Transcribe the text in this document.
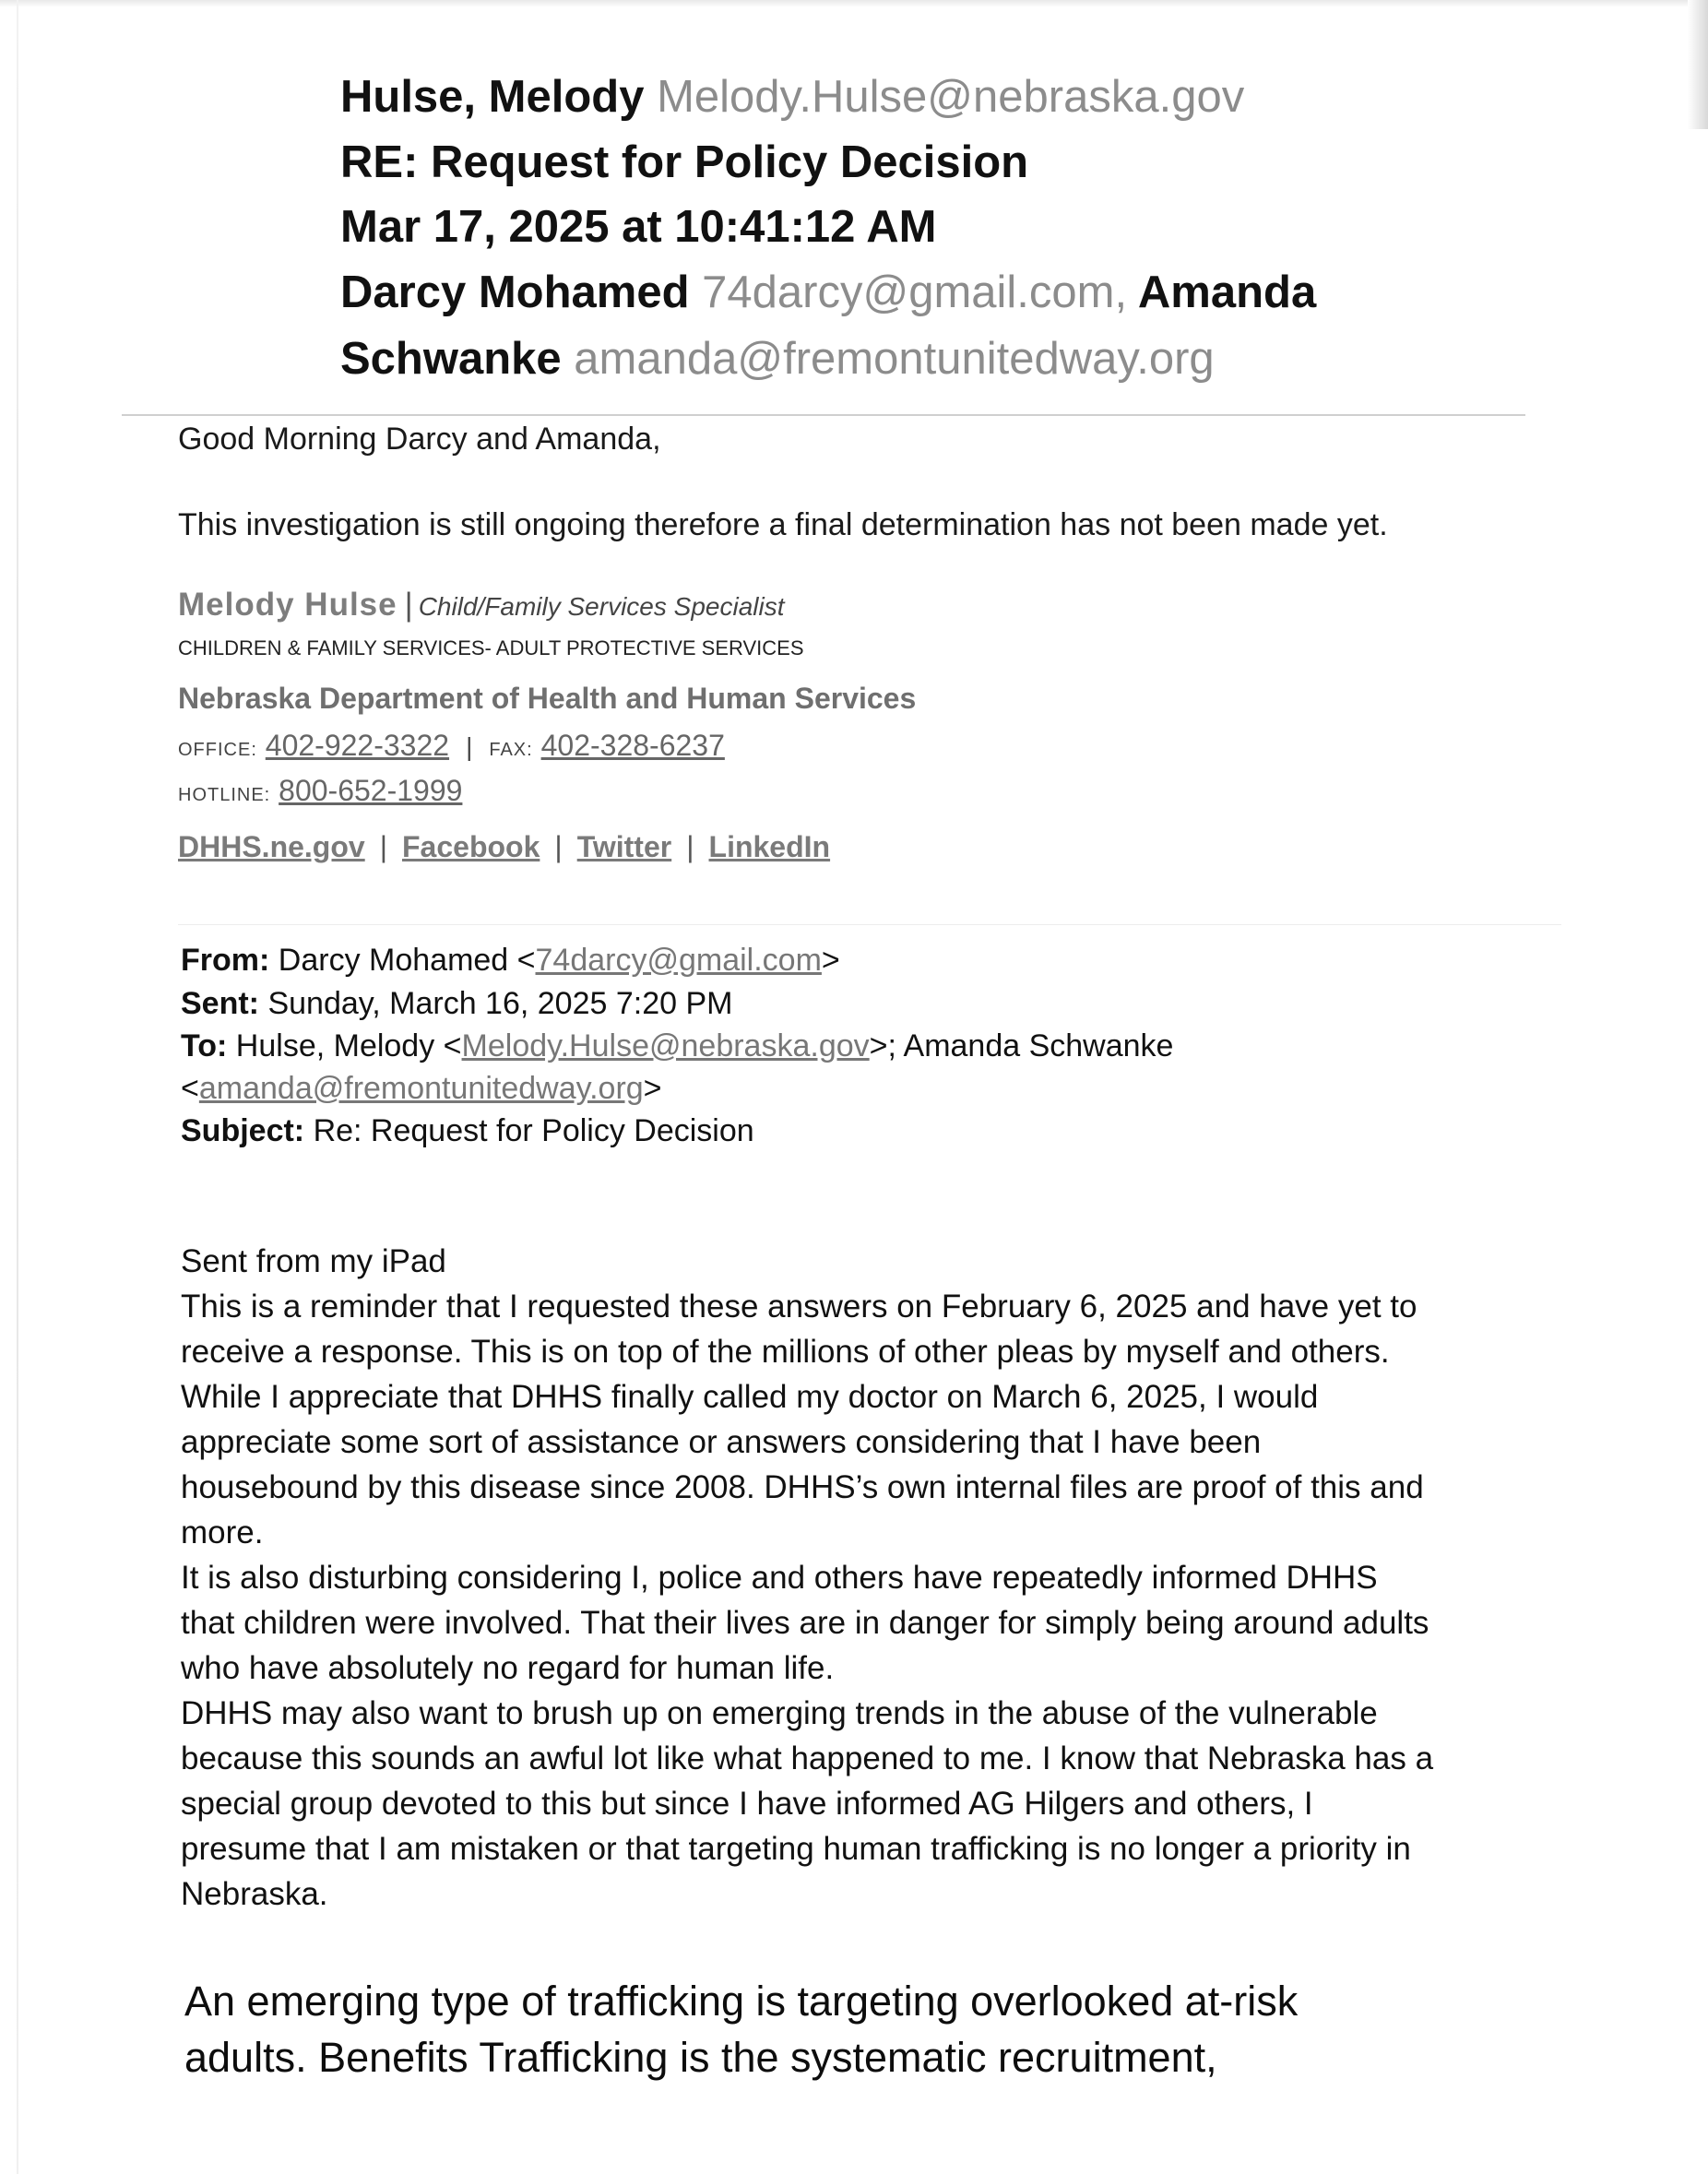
Hulse, Melody Melody.Hulse@nebraska.gov
RE: Request for Policy Decision
Mar 17, 2025 at 10:41:12 AM
Darcy Mohamed 74darcy@gmail.com, Amanda
Schwanke amanda@fremontunitedway.org
Good Morning Darcy and Amanda,
This investigation is still ongoing therefore a final determination has not been made yet.
Melody Hulse | Child/Family Services Specialist
CHILDREN & FAMILY SERVICES- ADULT PROTECTIVE SERVICES
Nebraska Department of Health and Human Services
OFFICE: 402-922-3322 | FAX: 402-328-6237
HOTLINE: 800-652-1999
DHHS.ne.gov | Facebook | Twitter | LinkedIn
From: Darcy Mohamed <74darcy@gmail.com>
Sent: Sunday, March 16, 2025 7:20 PM
To: Hulse, Melody <Melody.Hulse@nebraska.gov>; Amanda Schwanke
<amanda@fremontunitedway.org>
Subject: Re: Request for Policy Decision
Sent from my iPad
This is a reminder that I requested these answers on February 6, 2025 and have yet to
receive a response. This is on top of the millions of other pleas by myself and others.
While I appreciate that DHHS finally called my doctor on March 6, 2025, I would
appreciate some sort of assistance or answers considering that I have been
housebound by this disease since 2008. DHHS’s own internal files are proof of this and
more.
It is also disturbing considering I, police and others have repeatedly informed DHHS
that children were involved. That their lives are in danger for simply being around adults
who have absolutely no regard for human life.
DHHS may also want to brush up on emerging trends in the abuse of the vulnerable
because this sounds an awful lot like what happened to me. I know that Nebraska has a
special group devoted to this but since I have informed AG Hilgers and others, I
presume that I am mistaken or that targeting human trafficking is no longer a priority in
Nebraska.
An emerging type of trafficking is targeting overlooked at-risk
adults. Benefits Trafficking is the systematic recruitment,
